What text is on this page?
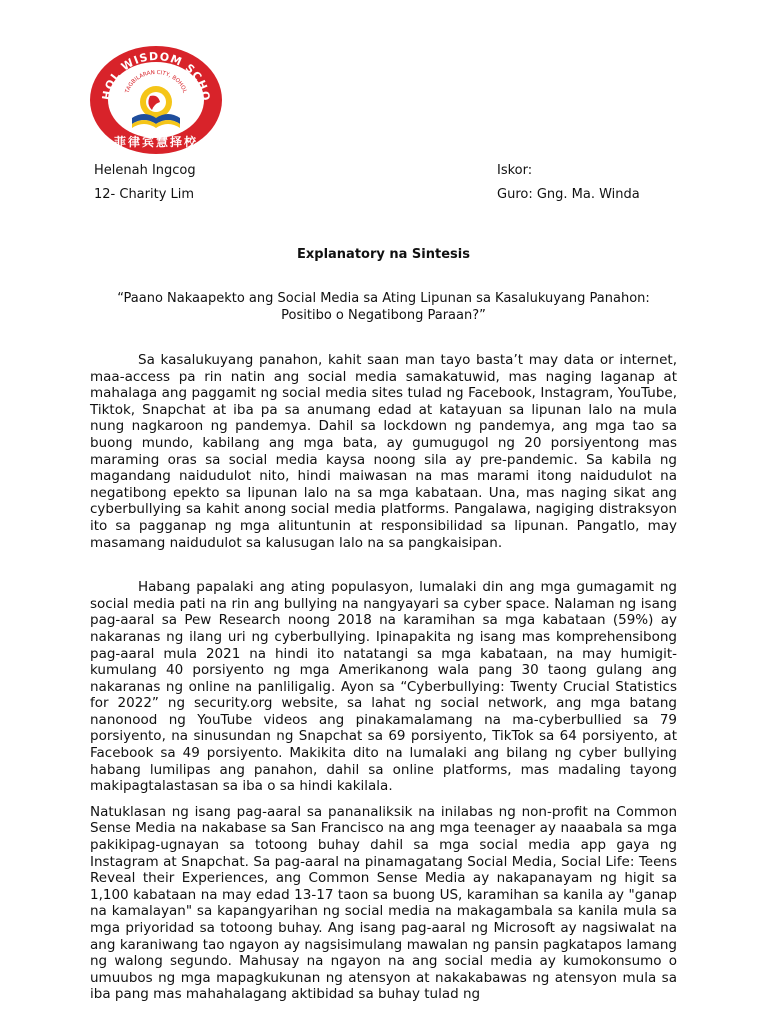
HOL WISDOM SCHO
TAGBILARAN CITY, BOHOL
菲律宾慧择校
Helenah Ingcog
12- Charity Lim
Iskor:
Guro: Gng. Ma. Winda
Explanatory na Sintesis
“Paano Nakaapekto ang Social Media sa Ating Lipunan sa Kasalukuyang Panahon: Positibo o Negatibong Paraan?”

Sa kasalukuyang panahon, kahit saan man tayo basta’t may data or internet, maa-access pa rin natin ang social media samakatuwid, mas naging laganap at mahalaga ang paggamit ng social media sites tulad ng Facebook, Instagram, YouTube, Tiktok, Snapchat at iba pa sa anumang edad at katayuan sa lipunan lalo na mula nung nagkaroon ng pandemya. Dahil sa lockdown ng pandemya, ang mga tao sa buong mundo, kabilang ang mga bata, ay gumugugol ng 20 porsiyentong mas maraming oras sa social media kaysa noong sila ay pre-pandemic. Sa kabila ng magandang naidudulot nito, hindi maiwasan na mas marami itong naidudulot na negatibong epekto sa lipunan lalo na sa mga kabataan. Una, mas naging sikat ang cyberbullying sa kahit anong social media platforms. Pangalawa, nagiging distraksyon ito sa pagganap ng mga alituntunin at responsibilidad sa lipunan. Pangatlo, may masamang naidudulot sa kalusugan lalo na sa pangkaisipan.

Habang papalaki ang ating populasyon, lumalaki din ang mga gumagamit ng social media pati na rin ang bullying na nangyayari sa cyber space. Nalaman ng isang pag-aaral sa Pew Research noong 2018 na karamihan sa mga kabataan (59%) ay nakaranas ng ilang uri ng cyberbullying. Ipinapakita ng isang mas komprehensibong pag-aaral mula 2021 na hindi ito natatangi sa mga kabataan, na may humigit-kumulang 40 porsiyento ng mga Amerikanong wala pang 30 taong gulang ang nakaranas ng online na panliligalig. Ayon sa “Cyberbullying: Twenty Crucial Statistics for 2022” ng security.org website, sa lahat ng social network, ang mga batang nanonood ng YouTube videos ang pinakamalamang na ma-cyberbullied sa 79 porsiyento, na sinusundan ng Snapchat sa 69 porsiyento, TikTok sa 64 porsiyento, at Facebook sa 49 porsiyento. Makikita dito na lumalaki ang bilang ng cyber bullying habang lumilipas ang panahon, dahil sa online platforms, mas madaling tayong makipagtalastasan sa iba o sa hindi kakilala.

Natuklasan ng isang pag-aaral sa pananaliksik na inilabas ng non-profit na Common Sense Media na nakabase sa San Francisco na ang mga teenager ay naaabala sa mga pakikipag-ugnayan sa totoong buhay dahil sa mga social media app gaya ng Instagram at Snapchat. Sa pag-aaral na pinamagatang Social Media, Social Life: Teens Reveal their Experiences, ang Common Sense Media ay nakapanayam ng higit sa 1,100 kabataan na may edad 13-17 taon sa buong US, karamihan sa kanila ay "ganap na kamalayan" sa kapangyarihan ng social media na makagambala sa kanila mula sa mga priyoridad sa totoong buhay. Ang isang pag-aaral ng Microsoft ay nagsiwalat na ang karaniwang tao ngayon ay nagsisimulang mawalan ng pansin pagkatapos lamang ng walong segundo. Mahusay na ngayon na ang social media ay kumokonsumo o umuubos ng mga mapagkukunan ng atensyon at nakakabawas ng atensyon mula sa iba pang mas mahahalagang aktibidad sa buhay tulad ng
